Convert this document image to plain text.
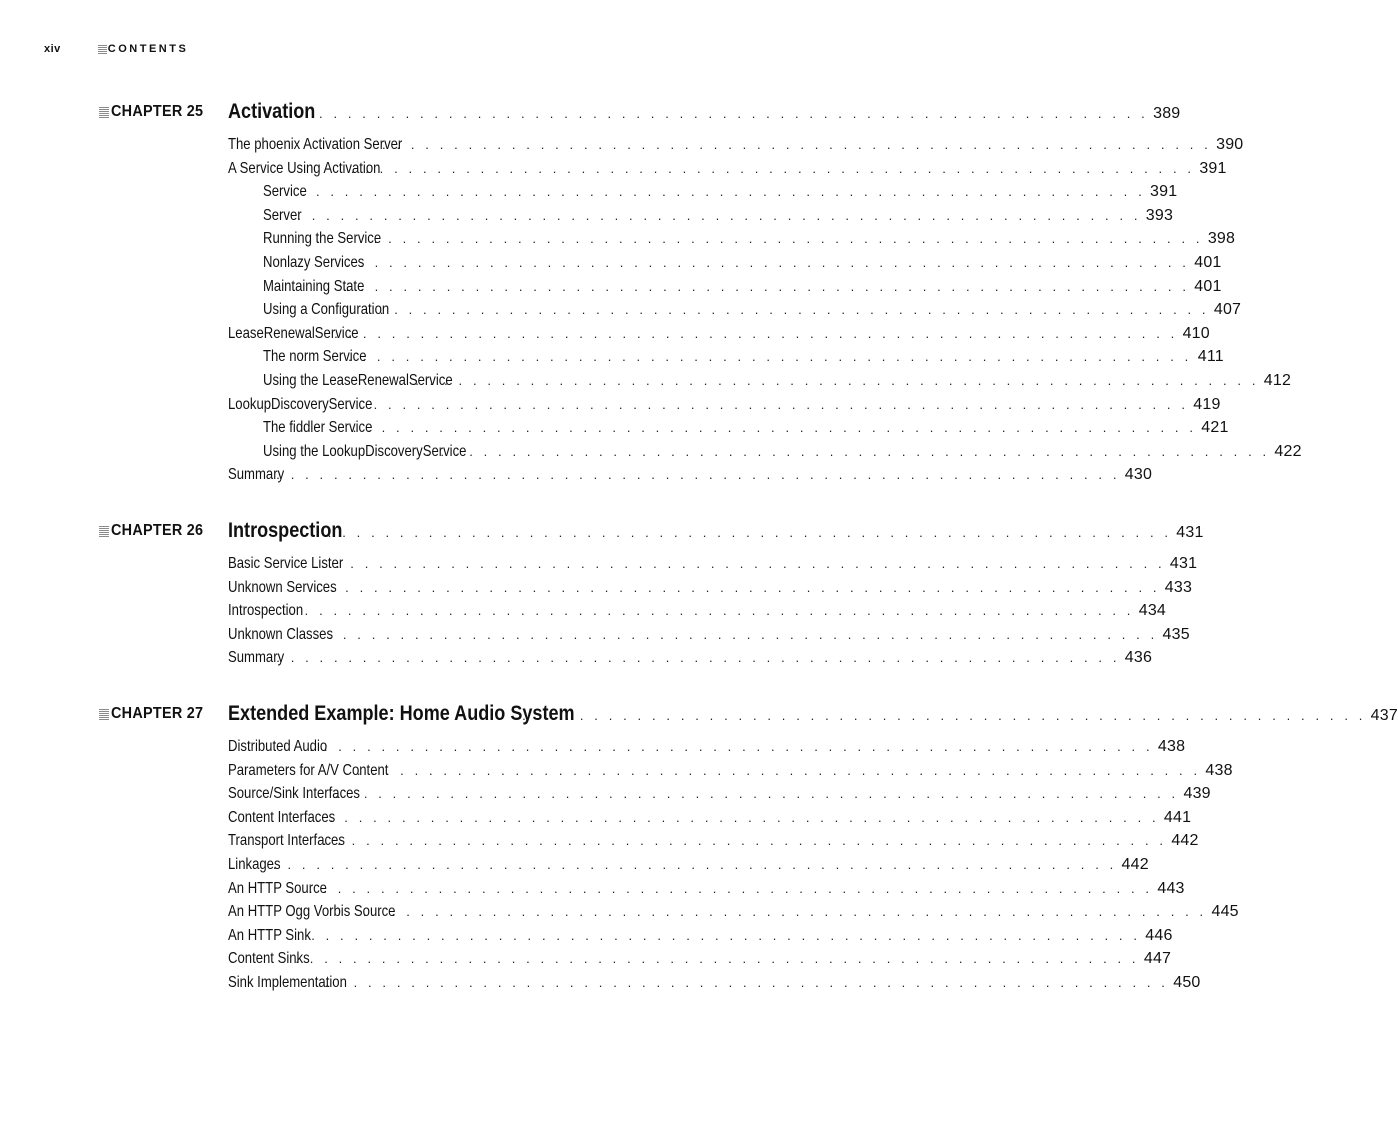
xiv	CONTENTS
CHAPTER 25 Activation
. . . . . . . . . . . . . . . . . . . . . . . . . . . . . . . . . . . . . . . . . . . . . . . . . . . . . . . . . . . 389
The phoenix Activation Server
. . . . . . . . . . . . . . . . . . . . . . . . . . . . . . . . . . . . . . . . . . . . . . . . . . . . . . . . . . . 390
A Service Using Activation
. . . . . . . . . . . . . . . . . . . . . . . . . . . . . . . . . . . . . . . . . . . . . . . . . . . . . . . . . . . 391
Service
. . . . . . . . . . . . . . . . . . . . . . . . . . . . . . . . . . . . . . . . . . . . . . . . . . . . . . . . . . . 391
Server
. . . . . . . . . . . . . . . . . . . . . . . . . . . . . . . . . . . . . . . . . . . . . . . . . . . . . . . . . . . 393
Running the Service
. . . . . . . . . . . . . . . . . . . . . . . . . . . . . . . . . . . . . . . . . . . . . . . . . . . . . . . . . . . 398
Nonlazy Services
. . . . . . . . . . . . . . . . . . . . . . . . . . . . . . . . . . . . . . . . . . . . . . . . . . . . . . . . . . . 401
Maintaining State
. . . . . . . . . . . . . . . . . . . . . . . . . . . . . . . . . . . . . . . . . . . . . . . . . . . . . . . . . . . 401
Using a Configuration
. . . . . . . . . . . . . . . . . . . . . . . . . . . . . . . . . . . . . . . . . . . . . . . . . . . . . . . . . . . 407
LeaseRenewalService
. . . . . . . . . . . . . . . . . . . . . . . . . . . . . . . . . . . . . . . . . . . . . . . . . . . . . . . . . . . 410
The norm Service
. . . . . . . . . . . . . . . . . . . . . . . . . . . . . . . . . . . . . . . . . . . . . . . . . . . . . . . . . . . 411
Using the LeaseRenewalService
. . . . . . . . . . . . . . . . . . . . . . . . . . . . . . . . . . . . . . . . . . . . . . . . . . . . . . . . . . . 412
LookupDiscoveryService
. . . . . . . . . . . . . . . . . . . . . . . . . . . . . . . . . . . . . . . . . . . . . . . . . . . . . . . . . . . 419
The fiddler Service
. . . . . . . . . . . . . . . . . . . . . . . . . . . . . . . . . . . . . . . . . . . . . . . . . . . . . . . . . . . 421
Using the LookupDiscoveryService
. . . . . . . . . . . . . . . . . . . . . . . . . . . . . . . . . . . . . . . . . . . . . . . . . . . . . . . . . . . 422
Summary
. . . . . . . . . . . . . . . . . . . . . . . . . . . . . . . . . . . . . . . . . . . . . . . . . . . . . . . . . . . 430
CHAPTER 26 Introspection
. . . . . . . . . . . . . . . . . . . . . . . . . . . . . . . . . . . . . . . . . . . . . . . . . . . . . . . . . . . 431
Basic Service Lister
. . . . . . . . . . . . . . . . . . . . . . . . . . . . . . . . . . . . . . . . . . . . . . . . . . . . . . . . . . . 431
Unknown Services
. . . . . . . . . . . . . . . . . . . . . . . . . . . . . . . . . . . . . . . . . . . . . . . . . . . . . . . . . . . 433
Introspection
. . . . . . . . . . . . . . . . . . . . . . . . . . . . . . . . . . . . . . . . . . . . . . . . . . . . . . . . . . . 434
Unknown Classes
. . . . . . . . . . . . . . . . . . . . . . . . . . . . . . . . . . . . . . . . . . . . . . . . . . . . . . . . . . . 435
Summary
. . . . . . . . . . . . . . . . . . . . . . . . . . . . . . . . . . . . . . . . . . . . . . . . . . . . . . . . . . . 436
CHAPTER 27 Extended Example: Home Audio System
. . . . . . . . . . . . . . . . . . . . . . . . . . . . . . . . . . . . . . . . . . . . . . . . . . . . . . . . . . . 437
Distributed Audio
. . . . . . . . . . . . . . . . . . . . . . . . . . . . . . . . . . . . . . . . . . . . . . . . . . . . . . . . . . . 438
Parameters for A/V Content
. . . . . . . . . . . . . . . . . . . . . . . . . . . . . . . . . . . . . . . . . . . . . . . . . . . . . . . . . . . 438
Source/Sink Interfaces
. . . . . . . . . . . . . . . . . . . . . . . . . . . . . . . . . . . . . . . . . . . . . . . . . . . . . . . . . . . 439
Content Interfaces
. . . . . . . . . . . . . . . . . . . . . . . . . . . . . . . . . . . . . . . . . . . . . . . . . . . . . . . . . . . 441
Transport Interfaces
. . . . . . . . . . . . . . . . . . . . . . . . . . . . . . . . . . . . . . . . . . . . . . . . . . . . . . . . . . . 442
Linkages
. . . . . . . . . . . . . . . . . . . . . . . . . . . . . . . . . . . . . . . . . . . . . . . . . . . . . . . . . . . 442
An HTTP Source
. . . . . . . . . . . . . . . . . . . . . . . . . . . . . . . . . . . . . . . . . . . . . . . . . . . . . . . . . . . 443
An HTTP Ogg Vorbis Source
. . . . . . . . . . . . . . . . . . . . . . . . . . . . . . . . . . . . . . . . . . . . . . . . . . . . . . . . . . . 445
An HTTP Sink
. . . . . . . . . . . . . . . . . . . . . . . . . . . . . . . . . . . . . . . . . . . . . . . . . . . . . . . . . . . 446
Content Sinks
. . . . . . . . . . . . . . . . . . . . . . . . . . . . . . . . . . . . . . . . . . . . . . . . . . . . . . . . . . . 447
Sink Implementation
. . . . . . . . . . . . . . . . . . . . . . . . . . . . . . . . . . . . . . . . . . . . . . . . . . . . . . . . . . . 450
